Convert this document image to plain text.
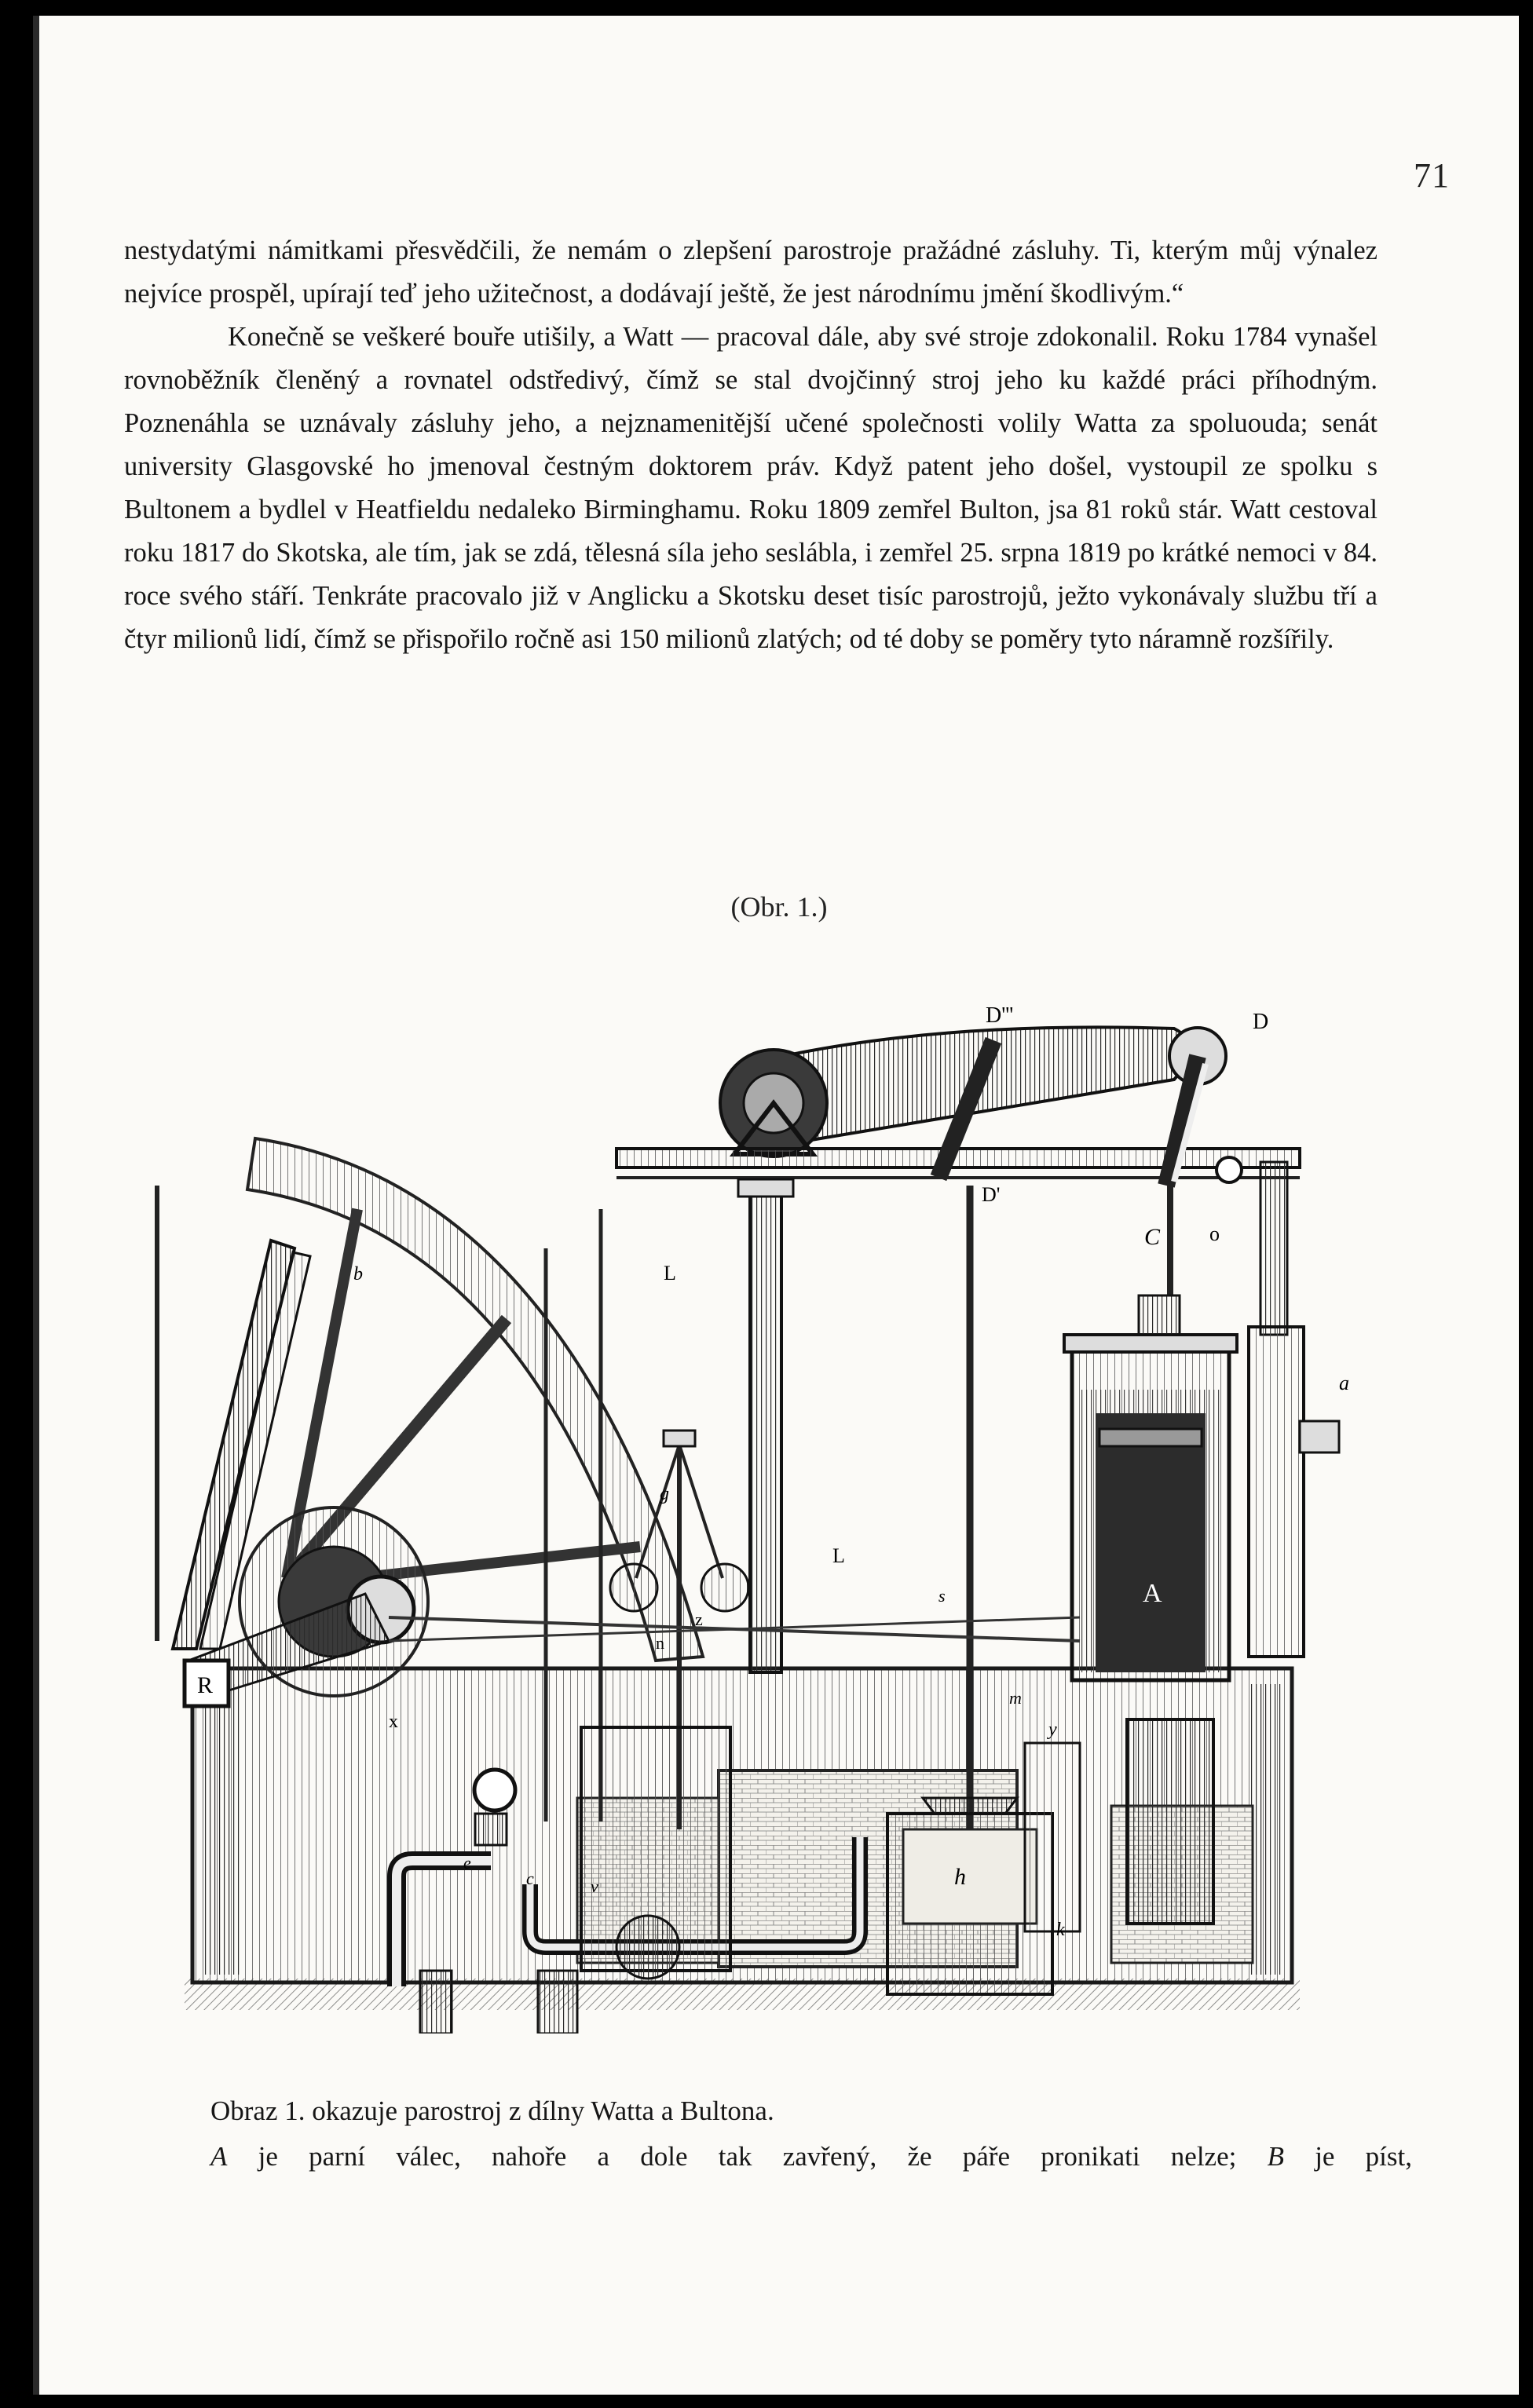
71

nestydatými námitkami přesvědčili, že nemám o zlepšení parostroje pražádné zásluhy. Ti, kterým můj výnalez nejvíce prospěl, upírají teď jeho užitečnost, a dodávají ještě, že jest národnímu jmění škodlivým.“

Konečně se veškeré bouře utišily, a Watt — pracoval dále, aby své stroje zdokonalil. Roku 1784 vynašel rovnoběžník členěný a rovnatel odstředivý, čímž se stal dvojčinný stroj jeho ku každé práci příhodným. Poznenáhla se uznávaly zásluhy jeho, a nejznamenitější učené společnosti volily Watta za spoluouda; senát university Glasgovské ho jmenoval čestným doktorem práv. Když patent jeho došel, vystoupil ze spolku s Bultonem a bydlel v Heatfieldu nedaleko Birminghamu. Roku 1809 zemřel Bulton, jsa 81 roků stár. Watt cestoval roku 1817 do Skotska, ale tím, jak se zdá, tělesná síla jeho seslábla, i zemřel 25. srpna 1819 po krátké nemoci v 84. roce svého stáří. Tenkráte pracovalo již v Anglicku a Skotsku deset tisíc parostrojů, ježto vykonávaly službu tří a čtyr milionů lidí, čímž se přispořilo ročně asi 150 milionů zlatých; od té doby se poměry tyto náramně rozšířily.

(Obr. 1.)
R
D'''	D
D'
o
C
L
L
g
z
b
A
a
s
h
y
k
e
v
c
x
n
m

Obraz 1. okazuje parostroj z dílny Watta a Bultona.

A je parní válec, nahoře a dole tak zavřený, že páře pronikati nelze; B je píst,
